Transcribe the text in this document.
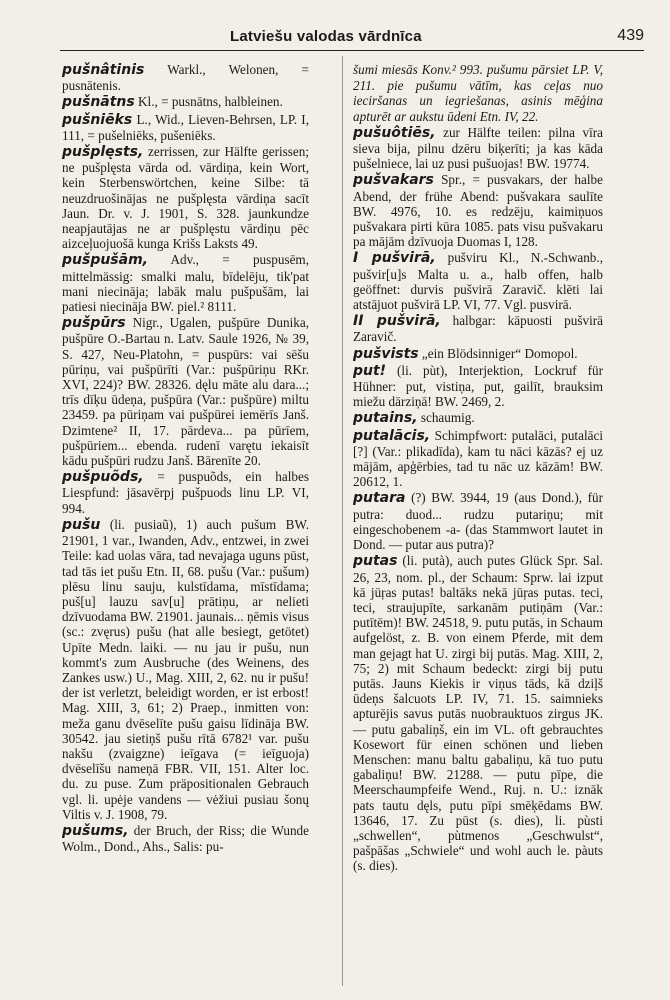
Latviešu valodas vārdnīca	439

pušnâtinis Warkl., Welonen, = pusnātenis.

pušnātns Kl., = pusnātns, halbleinen.

pušniēks L., Wid., Lieven-Behrsen, LP. I, 111, = pušelniēks, pušeniēks.

pušplęsts, zerrissen, zur Hälfte gerissen; ne pušplęsta vārda od. vārdiņa, kein Wort, kein Sterbenswörtchen, keine Silbe: tā neuzdruošinājas ne pušplęsta vārdiņa sacīt Jaun. Dr. v. J. 1901, S. 328. jaunkundze neapjautājas ne ar pušplęstu vārdiņu pēc aizceļuojuošā kunga Krišs Laksts 49.

pušpušām, Adv., = puspusēm, mittelmässig: smalki malu, bīdelēju, tik'pat mani niecināja; labāk malu pušpušām, lai patiesi niecināja BW. piel.² 8111.

pušpūrs Nigr., Ugalen, pušpūre Dunika, pušpūre O.-Bartau n. Latv. Saule 1926, № 39, S. 427, Neu-Platohn, = puspūrs: vai sēšu pūriņu, vai pušpūrīti (Var.: pušpūriņu RKr. XVI, 224)? BW. 28326. dęlu māte alu dara...; trīs dīķu ūdeņa, pušpūra (Var.: pušpūre) miltu 23459. pa pūriņam vai pušpūrei iemērīs Janš. Dzimtene² II, 17. pārdeva... pa pūrīem, pušpūriem... ebenda. rudenī varętu iekaisīt kādu pušpūri rudzu Janš. Bārenīte 20.

pušpuõds, = puspuõds, ein halbes Liespfund: jāsavērpj pušpuods linu LP. VI, 994.

pušu (li. pusiaũ), 1) auch pušum BW. 21901, 1 var., Iwanden, Adv., entzwei, in zwei Teile: kad uolas vāra, tad nevajaga uguns pūst, tad tās iet pušu Etn. II, 68. pušu (Var.: pušum) plēsu linu sauju, kulstīdama, mīstīdama; puš[u] lauzu sav[u] prātiņu, ar nelieti dzīvuodama BW. 21901. jaunais... ņēmis visus (sc.: zvęrus) pušu (hat alle besiegt, getötet) Upīte Medn. laiki. — nu jau ir pušu, nun kommt's zum Ausbruche (des Weinens, des Zankes usw.) U., Mag. XIII, 2, 62. nu ir pušu! der ist verletzt, beleidigt worden, er ist erbost! Mag. XIII, 3, 61; 2) Praep., inmitten von: meža ganu dvēselīte pušu gaisu līdināja BW. 30542. jau sietiņš pušu rītā 6782¹ var. pušu nakšu (zvaigzne) ieīgava (= ieīguoja) dvēselīšu nameņā FBR. VII, 151. Alter loc. du. zu puse. Zum präpositionalen Gebrauch vgl. li. upėje vandens — vėžiui pusiau šonų Viltis v. J. 1908, 79.

pušums, der Bruch, der Riss; die Wunde Wolm., Dond., Ahs., Salis: pu-

šumi miesās Konv.² 993. pušumu pārsiet LP. V, 211. pie pušumu vātīm, kas ceļas nuo ieciršanas un iegriešanas, asinis mēģina apturēt ar aukstu ūdeni Etn. IV, 22.

pušuôtiēs, zur Hälfte teilen: pilna vīra sieva bija, pilnu dzēru biķerīti; ja kas kāda pušelniece, lai uz pusi pušuojas! BW. 19774.

pušvakars Spr., = pusvakars, der halbe Abend, der frühe Abend: pušvakara saulīte BW. 4976, 10. es redzēju, kaimiņuos pušvakara pirti kūra 1085. pats visu pušvakaru pa mājām dzīvuoja Duomas I, 128.

I pušvirā, pušviru Kl., N.-Schwanb., pušvir[u]s Malta u. a., halb offen, halb geöffnet: durvis pušvirā Zaravič. klēti lai atstājuot pušvirā LP. VI, 77. Vgl. pusvirā.

II pušvirā, halbgar: kāpuosti pušvirā Zaravič.

pušvists „ein Blödsinniger“ Domopol.

put! (li. pùt), Interjektion, Lockruf für Hühner: put, vistiņa, put, gailīt, brauksim miežu dārziņā! BW. 2469, 2.

putains, schaumig.

putalācis, Schimpfwort: putalāci, putalāci [?] (Var.: plikadīda), kam tu nāci kāzās? ej uz mājām, apģērbies, tad tu nāc uz kāzām! BW. 20612, 1.

putara (?) BW. 3944, 19 (aus Dond.), für putra: duod... rudzu putariņu; mit eingeschobenem -a- (das Stammwort lautet in Dond. — putar aus putra)?

putas (li. putà), auch putes Glück Spr. Sal. 26, 23, nom. pl., der Schaum: Sprw. lai izput kā jūŗas putas! baltāks nekā jūŗas putas. teci, teci, straujupīte, sarkanām putiņām (Var.: putītēm)! BW. 24518, 9. putu putās, in Schaum aufgelöst, z. B. von einem Pferde, mit dem man gejagt hat U. zirgi bij putās. Mag. XIII, 2, 75; 2) mit Schaum bedeckt: zirgi bij putu putās. Jauns Kiekis ir viņus tāds, kā dziļš ūdeņs šalcuots LP. IV, 71. 15. saimnieks apturējis savus putās nuobrauktuos zirgus JK. — putu gabaliņš, ein im VL. oft gebrauchtes Kosewort für einen schönen und lieben Menschen: manu baltu gabaliņu, kā tuo putu gabaliņu! BW. 21288. — putu pīpe, die Meerschaumpfeife Wend., Ruj. n. U.: iznāk pats tautu dęls, putu pīpi smēķēdams BW. 13646, 17. Zu pūst (s. dies), li. pùsti „schwellen“, pùtmenos „Geschwulst“, pašpāšas „Schwiele“ und wohl auch le. pàuts (s. dies).
